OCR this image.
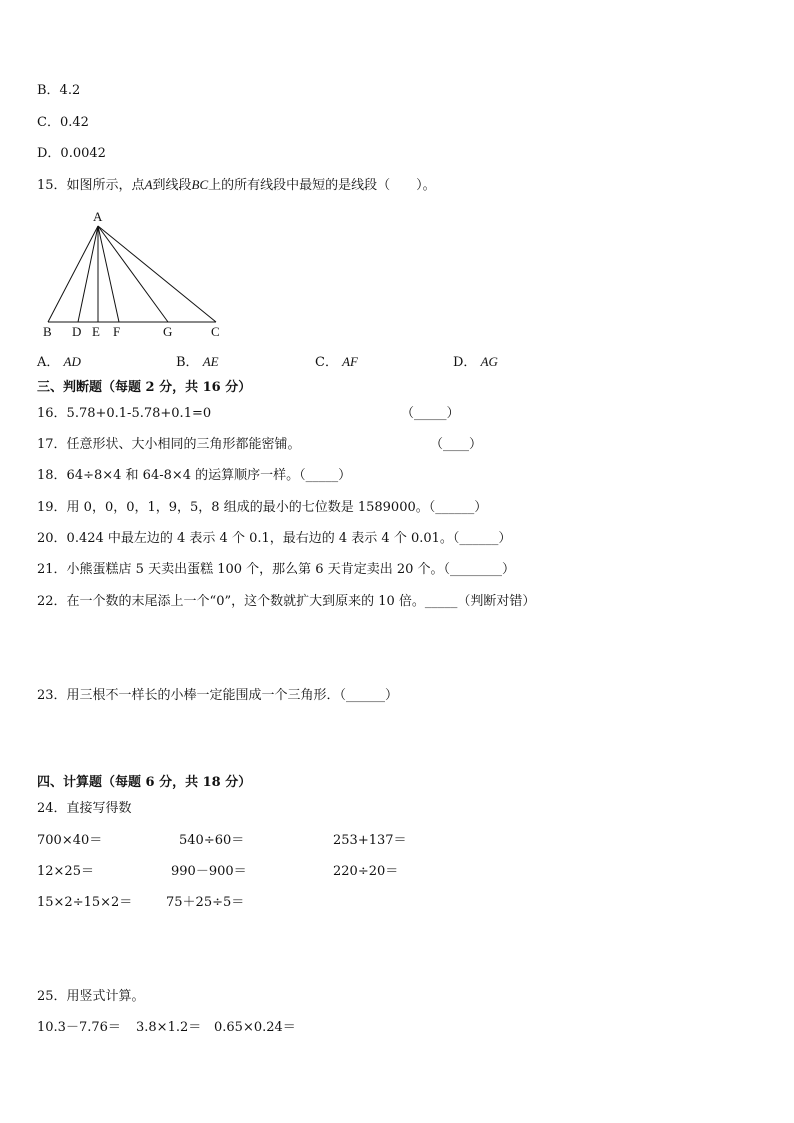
B．4.2
C．0.42
D．0.0042
15．如图所示，点A到线段BC上的所有线段中最短的是线段（　　）。
A
B D E F	G	C
A． AD	B． AE	C． AF	D． AG
三、判断题（每题 2 分，共 16 分）
16．5.78+0.1-5.78+0.1=0	（_____）
17．任意形状、大小相同的三角形都能密铺。	（____）
18．64÷8×4 和 64-8×4 的运算顺序一样。（_____）
19．用 0，0，0，1，9，5，8 组成的最小的七位数是 1589000。（______）
20．0.424 中最左边的 4 表示 4 个 0.1，最右边的 4 表示 4 个 0.01。（______）
21．小熊蛋糕店 5 天卖出蛋糕 100 个，那么第 6 天肯定卖出 20 个。（________）
22．在一个数的末尾添上一个“0”，这个数就扩大到原来的 10 倍。_____（判断对错）
23．用三根不一样长的小棒一定能围成一个三角形．（______）
四、计算题（每题 6 分，共 18 分）
24．直接写得数
700×40＝	540÷60＝	253+137＝
12×25＝	990－900＝	220÷20＝
15×2÷15×2＝	75＋25÷5＝
25．用竖式计算。
10.3－7.76＝ 3.8×1.2＝ 0.65×0.24＝
